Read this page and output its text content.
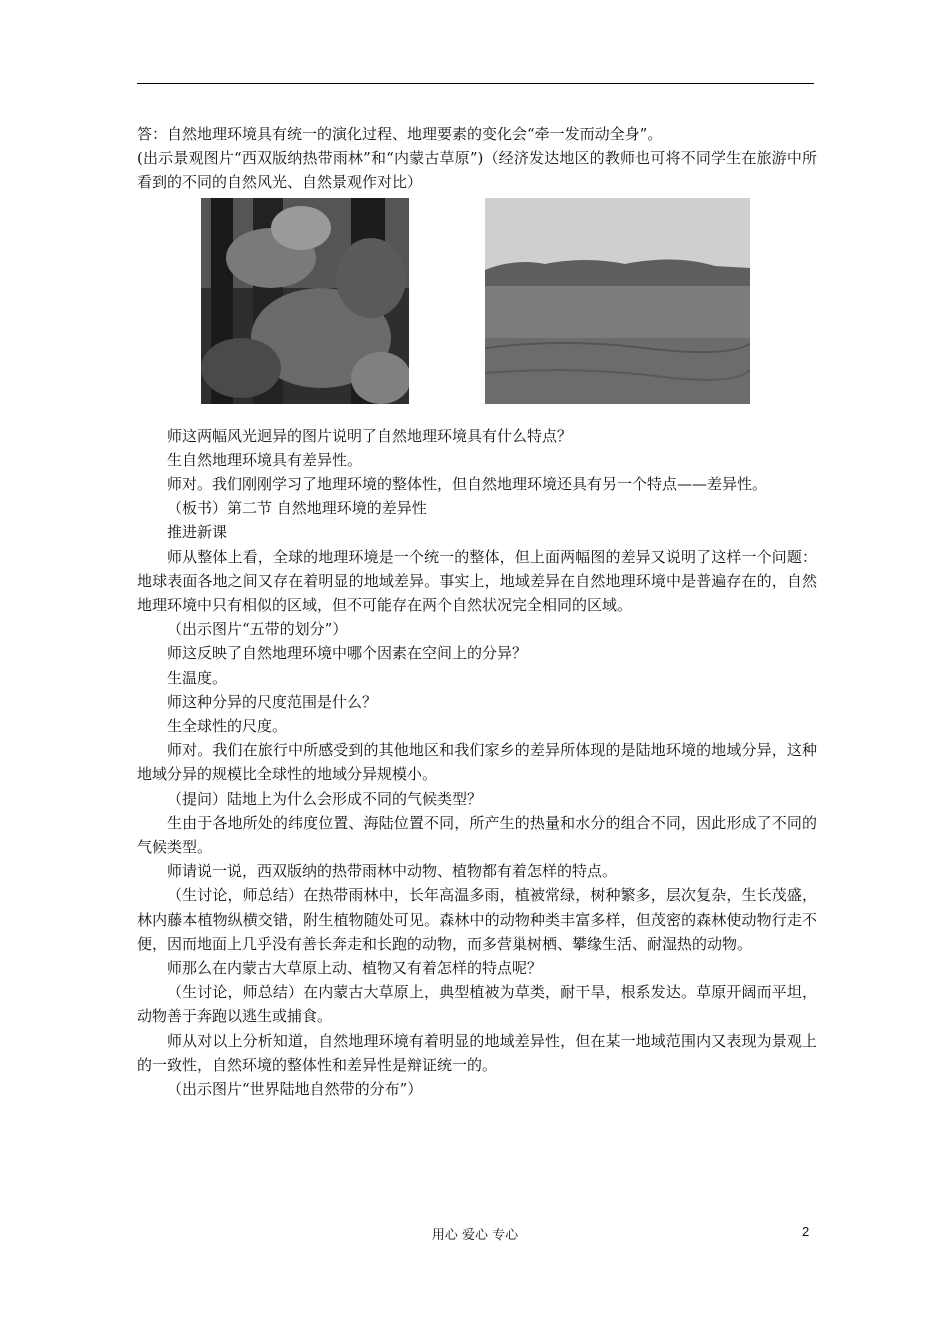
答：自然地理环境具有统一的演化过程、地理要素的变化会“牵一发而动全身”。

(出示景观图片“西双版纳热带雨林”和“内蒙古草原”)（经济发达地区的教师也可将不同学生在旅游中所看到的不同的自然风光、自然景观作对比）

师这两幅风光迥异的图片说明了自然地理环境具有什么特点？

生自然地理环境具有差异性。

师对。我们刚刚学习了地理环境的整体性，但自然地理环境还具有另一个特点——差异性。

（板书）第二节 自然地理环境的差异性

推进新课

师从整体上看，全球的地理环境是一个统一的整体，但上面两幅图的差异又说明了这样一个问题：地球表面各地之间又存在着明显的地域差异。事实上，地域差异在自然地理环境中是普遍存在的，自然地理环境中只有相似的区域，但不可能存在两个自然状况完全相同的区域。

（出示图片“五带的划分”）

师这反映了自然地理环境中哪个因素在空间上的分异？

生温度。

师这种分异的尺度范围是什么？

生全球性的尺度。

师对。我们在旅行中所感受到的其他地区和我们家乡的差异所体现的是陆地环境的地域分异，这种地域分异的规模比全球性的地域分异规模小。

（提问）陆地上为什么会形成不同的气候类型？

生由于各地所处的纬度位置、海陆位置不同，所产生的热量和水分的组合不同，因此形成了不同的气候类型。

师请说一说，西双版纳的热带雨林中动物、植物都有着怎样的特点。

（生讨论，师总结）在热带雨林中，长年高温多雨，植被常绿，树种繁多，层次复杂，生长茂盛，林内藤本植物纵横交错，附生植物随处可见。森林中的动物种类丰富多样，但茂密的森林使动物行走不便，因而地面上几乎没有善长奔走和长跑的动物，而多营巢树栖、攀缘生活、耐湿热的动物。

师那么在内蒙古大草原上动、植物又有着怎样的特点呢？

（生讨论，师总结）在内蒙古大草原上，典型植被为草类，耐干旱，根系发达。草原开阔而平坦，动物善于奔跑以逃生或捕食。

师从对以上分析知道，自然地理环境有着明显的地域差异性，但在某一地域范围内又表现为景观上的一致性，自然环境的整体性和差异性是辩证统一的。

（出示图片“世界陆地自然带的分布”）

用心 爱心 专心	2
